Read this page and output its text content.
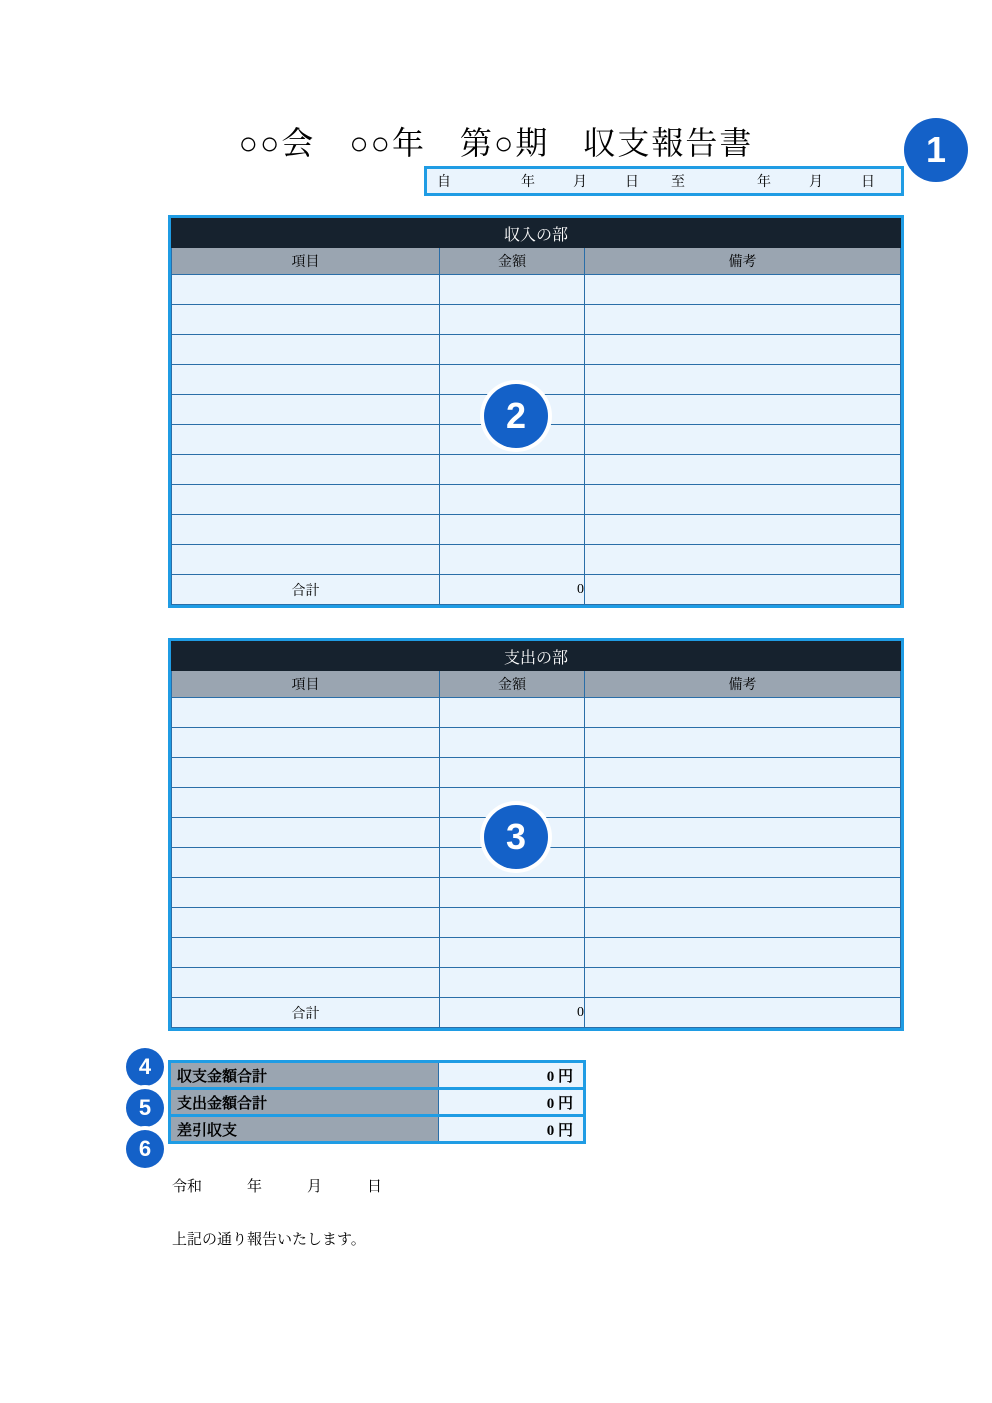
○○会　○○年　第○期　収支報告書
自	年	月	日	至	年	月	日
収入の部		
項目	金額	備考

合計	0	
支出の部		
項目	金額	備考

合計	0	
収支金額合計	0 円
支出金額合計	0 円
差引収支	0 円
令和　　　年　　　月　　　日
上記の通り報告いたします。
1
2
3
4
5
6
